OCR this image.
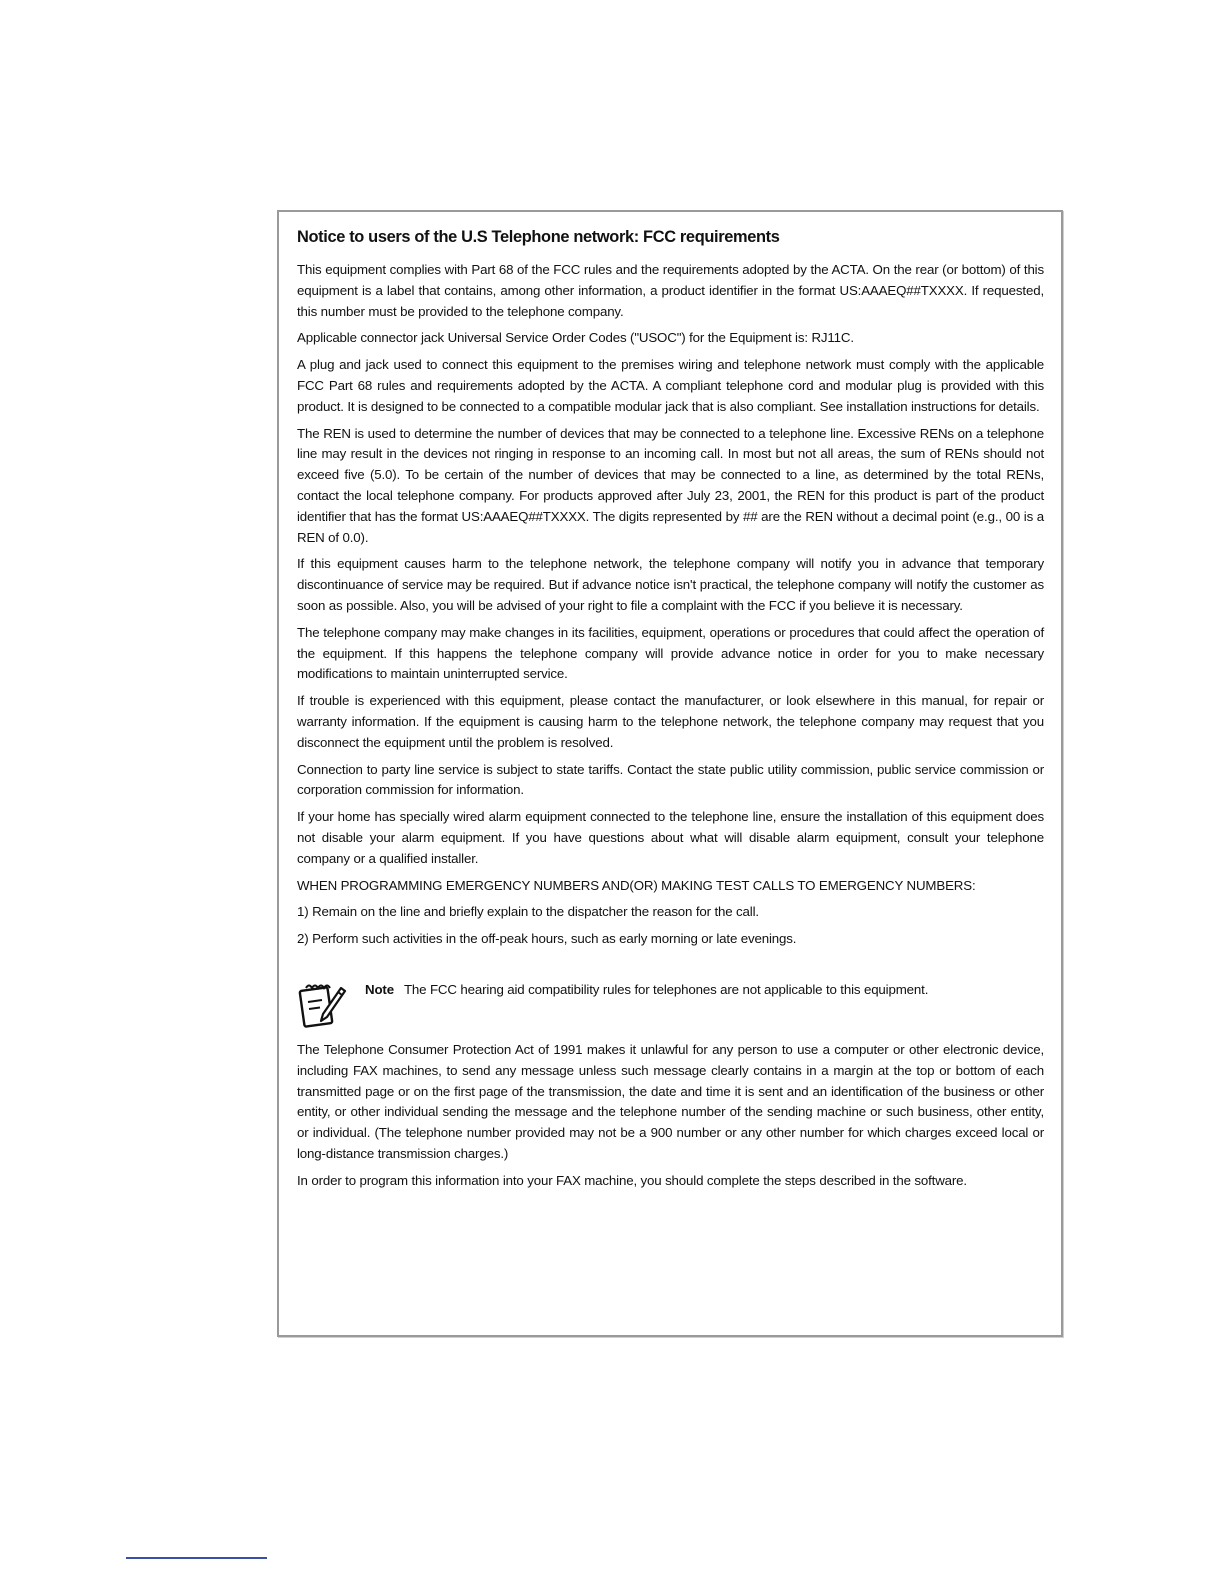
Notice to users of the U.S Telephone network: FCC requirements

This equipment complies with Part 68 of the FCC rules and the requirements adopted by the ACTA. On the rear (or bottom) of this equipment is a label that contains, among other information, a product identifier in the format US:AAAEQ##TXXXX. If requested, this number must be provided to the telephone company.

Applicable connector jack Universal Service Order Codes ("USOC") for the Equipment is: RJ11C.

A plug and jack used to connect this equipment to the premises wiring and telephone network must comply with the applicable FCC Part 68 rules and requirements adopted by the ACTA. A compliant telephone cord and modular plug is provided with this product. It is designed to be connected to a compatible modular jack that is also compliant. See installation instructions for details.

The REN is used to determine the number of devices that may be connected to a telephone line. Excessive RENs on a telephone line may result in the devices not ringing in response to an incoming call. In most but not all areas, the sum of RENs should not exceed five (5.0). To be certain of the number of devices that may be connected to a line, as determined by the total RENs, contact the local telephone company. For products approved after July 23, 2001, the REN for this product is part of the product identifier that has the format US:AAAEQ##TXXXX. The digits represented by ## are the REN without a decimal point (e.g., 00 is a REN of 0.0).

If this equipment causes harm to the telephone network, the telephone company will notify you in advance that temporary discontinuance of service may be required. But if advance notice isn't practical, the telephone company will notify the customer as soon as possible. Also, you will be advised of your right to file a complaint with the FCC if you believe it is necessary.

The telephone company may make changes in its facilities, equipment, operations or procedures that could affect the operation of the equipment. If this happens the telephone company will provide advance notice in order for you to make necessary modifications to maintain uninterrupted service.

If trouble is experienced with this equipment, please contact the manufacturer, or look elsewhere in this manual, for repair or warranty information. If the equipment is causing harm to the telephone network, the telephone company may request that you disconnect the equipment until the problem is resolved.

Connection to party line service is subject to state tariffs. Contact the state public utility commission, public service commission or corporation commission for information.

If your home has specially wired alarm equipment connected to the telephone line, ensure the installation of this equipment does not disable your alarm equipment. If you have questions about what will disable alarm equipment, consult your telephone company or a qualified installer.

WHEN PROGRAMMING EMERGENCY NUMBERS AND(OR) MAKING TEST CALLS TO EMERGENCY NUMBERS:

1) Remain on the line and briefly explain to the dispatcher the reason for the call.

2) Perform such activities in the off-peak hours, such as early morning or late evenings.

Note The FCC hearing aid compatibility rules for telephones are not applicable to this equipment.

The Telephone Consumer Protection Act of 1991 makes it unlawful for any person to use a computer or other electronic device, including FAX machines, to send any message unless such message clearly contains in a margin at the top or bottom of each transmitted page or on the first page of the transmission, the date and time it is sent and an identification of the business or other entity, or other individual sending the message and the telephone number of the sending machine or such business, other entity, or individual. (The telephone number provided may not be a 900 number or any other number for which charges exceed local or long-distance transmission charges.)

In order to program this information into your FAX machine, you should complete the steps described in the software.
